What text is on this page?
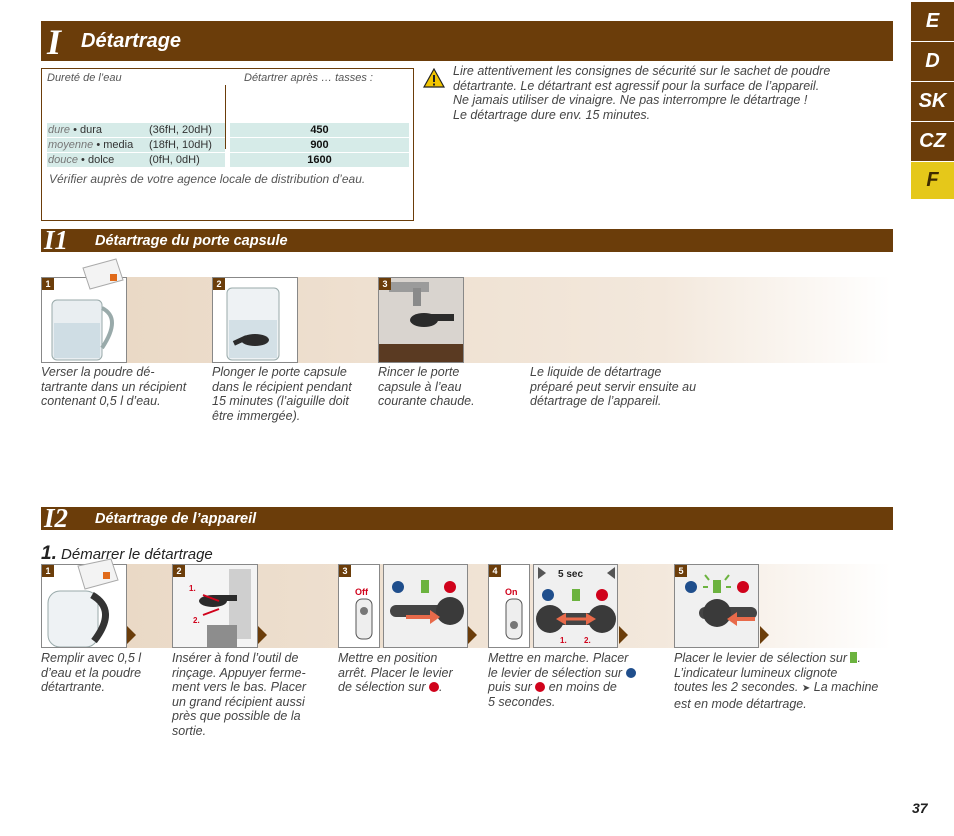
E
D
SK
CZ
F
I Détartrage
Dureté de l’eau	Détartrer après … tasses :
dure • dura	(36fH, 20dH)	450
moyenne • media (18fH, 10dH)	900
douce • dolce	(0fH, 0dH)	1600
Vérifier auprès de votre agence locale de distribution d’eau.
Lire attentivement les consignes de sécurité sur le sachet de poudre
détartrante. Le détartrant est agressif pour la surface de l’appareil.
Ne jamais utiliser de vinaigre. Ne pas interrompre le détartrage !
Le détartrage dure env. 15 minutes.
I1 Détartrage du porte capsule
1	2	3
Verser la poudre dé-
tartrante dans un récipient
contenant 0,5 l d’eau.
Plonger le porte capsule
dans le récipient pendant
15 minutes (l’aiguille doit
être immergée).
Rincer le porte
capsule à l’eau
courante chaude.
Le liquide de détartrage
préparé peut servir ensuite au
détartrage de l’appareil.
I2 Détartrage de l’appareil
1. Démarrer le détartrage
1	2
1.
2.
3
Off
4
On
5 sec
1. 2.
5
Remplir avec 0,5 l
d’eau et la poudre
détartrante.
Insérer à fond l’outil de
rinçage. Appuyer ferme-
ment vers le bas. Placer
un grand récipient aussi
près que possible de la
sortie.
Mettre en position
arrêt. Placer le levier
de sélection sur .
Mettre en marche. Placer
le levier de sélection sur
puis sur en moins de
5 secondes.
Placer le levier de sélection sur .
L’indicateur lumineux clignote
toutes les 2 secondes. ➤ La machine
est en mode détartrage.
37
